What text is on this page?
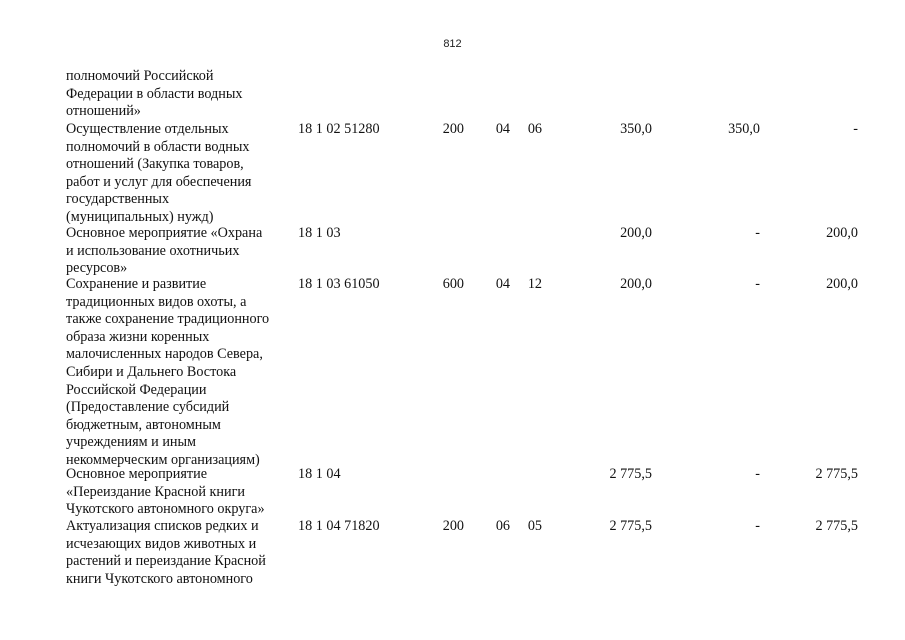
812
полномочий Российской
Федерации в области водных
отношений»
Осуществление отдельных
полномочий в области водных
отношений (Закупка товаров,
работ и услуг для обеспечения
государственных
(муниципальных) нужд)
18 1 02 51280	200 04 06	350,0	350,0	-
Основное мероприятие «Охрана
и использование охотничьих
ресурсов»
18 1 03	200,0	-	200,0
Сохранение и развитие
традиционных видов охоты, а
также сохранение традиционного
образа жизни коренных
малочисленных народов Севера,
Сибири и Дальнего Востока
Российской Федерации
(Предоставление субсидий
бюджетным, автономным
учреждениям и иным
некоммерческим организациям)
18 1 03 61050	600 04 12	200,0	-	200,0
Основное мероприятие
«Переиздание Красной книги
Чукотского автономного округа»
18 1 04	2 775,5	-	2 775,5
Актуализация списков редких и
исчезающих видов животных и
растений и переиздание Красной
книги Чукотского автономного
18 1 04 71820	200 06 05	2 775,5	-	2 775,5
